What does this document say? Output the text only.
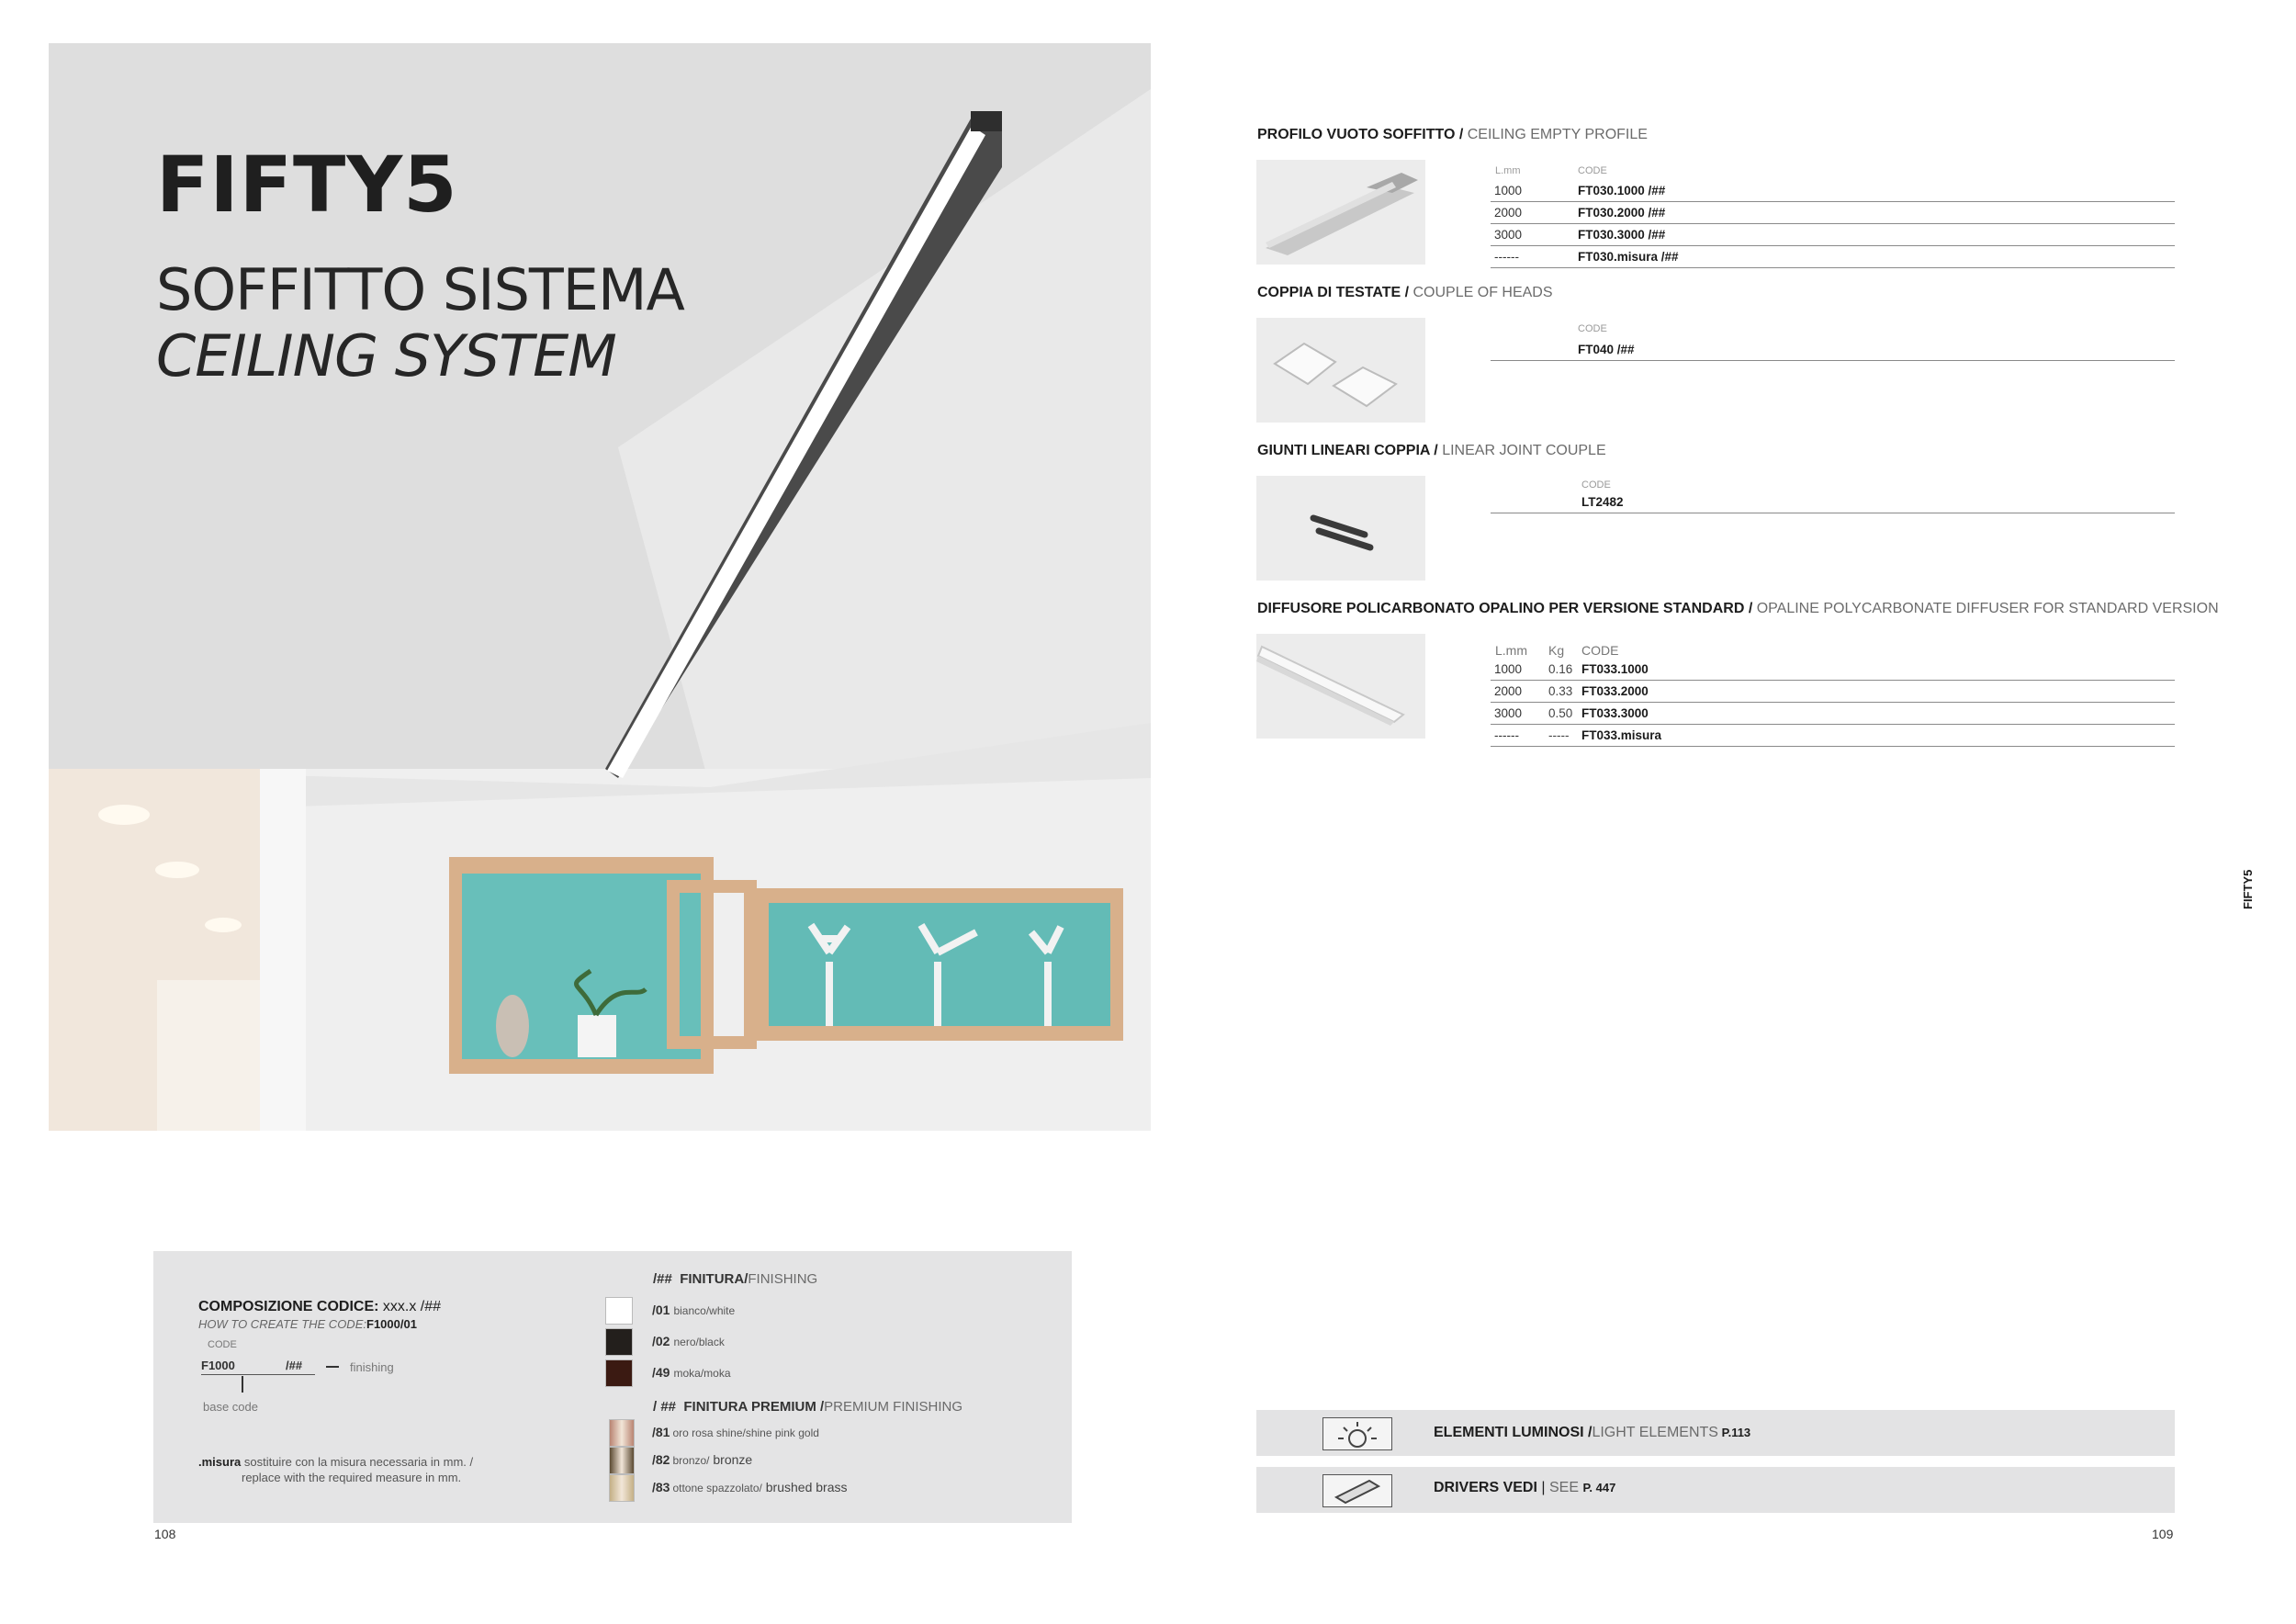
FIFTY5
SOFFITTO SISTEMA
CEILING SYSTEM
FIFTY5
PROFILO VUOTO SOFFITTO / CEILING EMPTY PROFILE
L.mm	CODE
1000	FT030.1000 /##
2000	FT030.2000 /##
3000	FT030.3000 /##
------	FT030.misura /##
COPPIA DI TESTATE / COUPLE OF HEADS
CODE
FT040 /##
GIUNTI LINEARI COPPIA / LINEAR JOINT COUPLE
CODE
LT2482
DIFFUSORE POLICARBONATO OPALINO PER VERSIONE STANDARD / OPALINE POLYCARBONATE DIFFUSER FOR STANDARD VERSION
L.mm Kg CODE
1000 0.16 FT033.1000
2000 0.33 FT033.2000
3000 0.50 FT033.3000
------ ----- FT033.misura
COMPOSIZIONE CODICE: xxx.x /##
HOW TO CREATE THE CODE: F1000/01
CODE
F1000	/##	finishing
base code
.misura sostituire con la misura necessaria in mm. /
replace with the required measure in mm.
/## FINITURA/FINISHING
/01 bianco/white
/02 nero/black
/49 moka/moka
/ ## FINITURA PREMIUM /PREMIUM FINISHING
/81 oro rosa shine/shine pink gold
/82 bronzo/ bronze
/83 ottone spazzolato/ brushed brass
ELEMENTI LUMINOSI /LIGHT ELEMENTS P.113
DRIVERS VEDI | SEE P. 447
108	109
